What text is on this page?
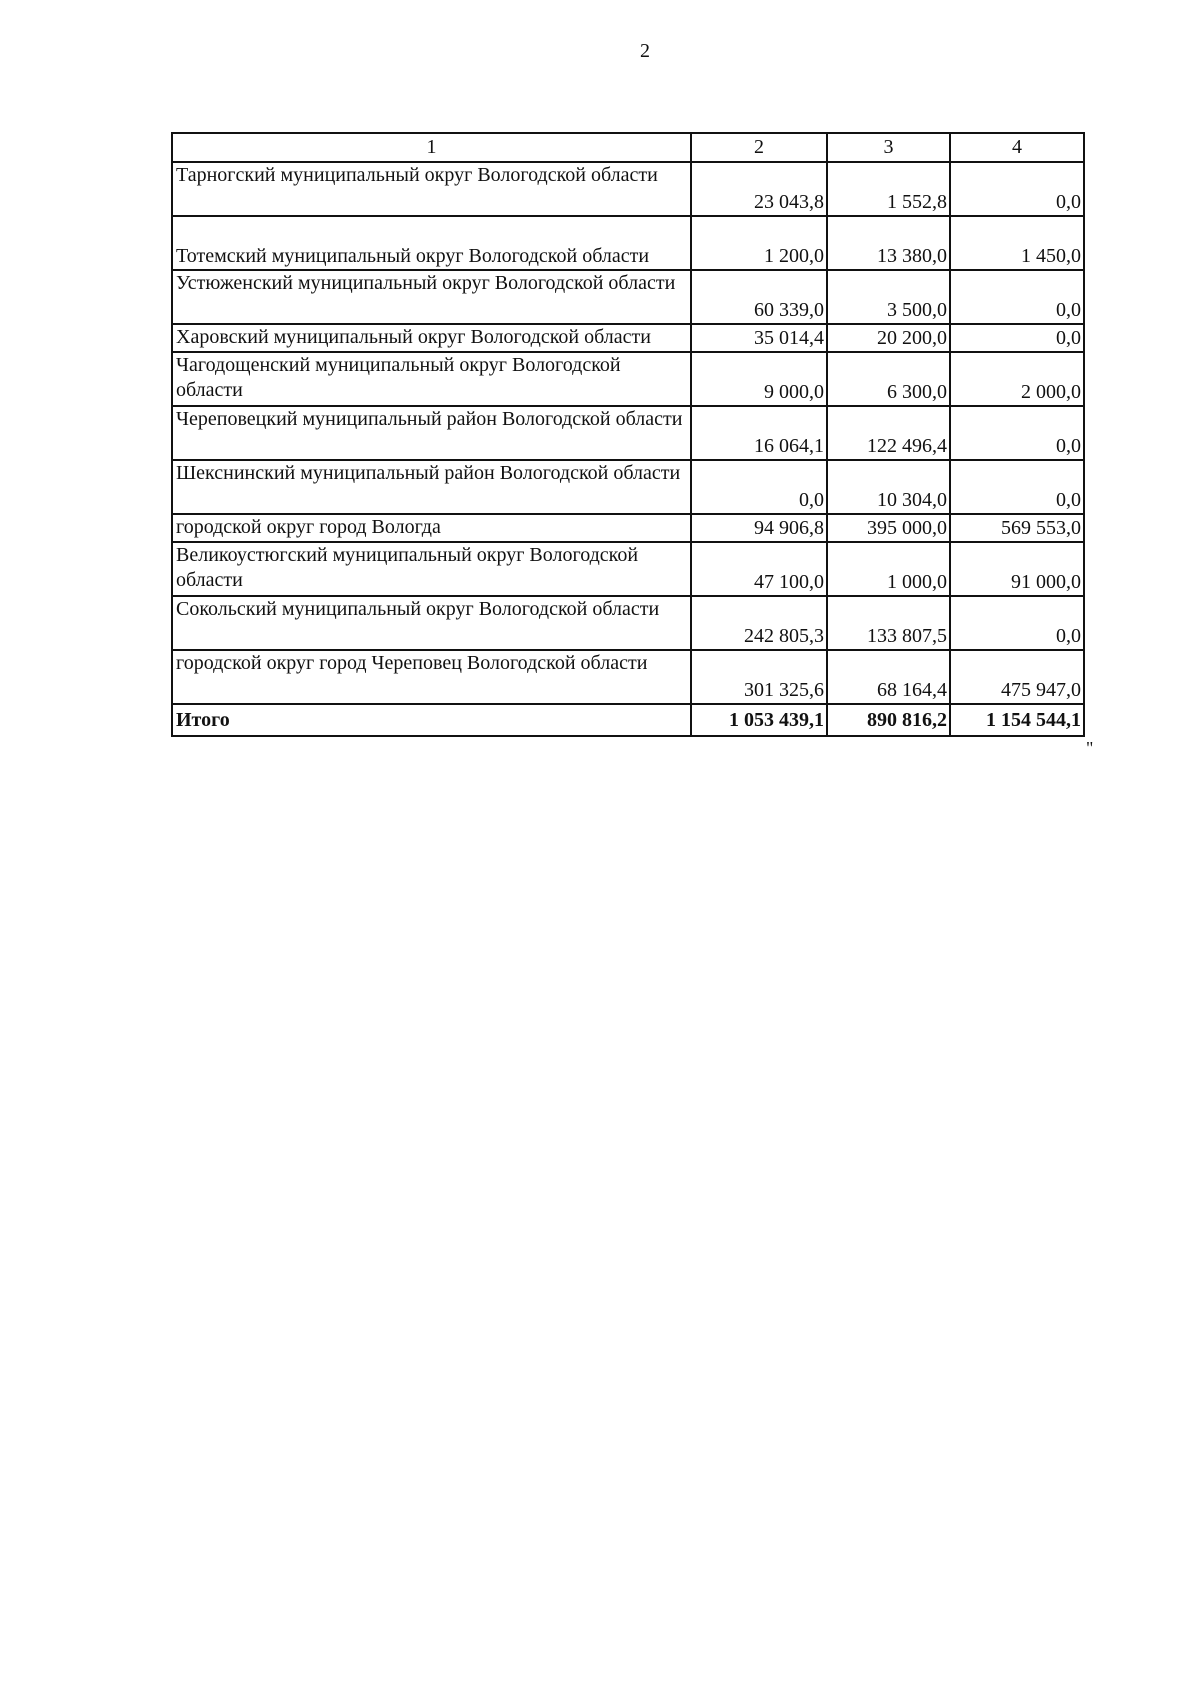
2
1	2	3	4
Тарногский муниципальный округ Вологодской области	23 043,8	1 552,8	0,0
Тотемский муниципальный округ Вологодской области	1 200,0	13 380,0	1 450,0
Устюженский муниципальный округ Вологодской области	60 339,0	3 500,0	0,0
Харовский муниципальный округ Вологодской области	35 014,4	20 200,0	0,0
Чагодощенский муниципальный округ Вологодской области	9 000,0	6 300,0	2 000,0
Череповецкий муниципальный район Вологодской области	16 064,1	122 496,4	0,0
Шекснинский муниципальный район Вологодской области	0,0	10 304,0	0,0
городской округ город Вологда	94 906,8	395 000,0	569 553,0
Великоустюгский муниципальный округ Вологодской области	47 100,0	1 000,0	91 000,0
Сокольский муниципальный округ Вологодской области	242 805,3	133 807,5	0,0
городской округ город Череповец Вологодской области	301 325,6	68 164,4	475 947,0
Итого	1 053 439,1	890 816,2	1 154 544,1
"
